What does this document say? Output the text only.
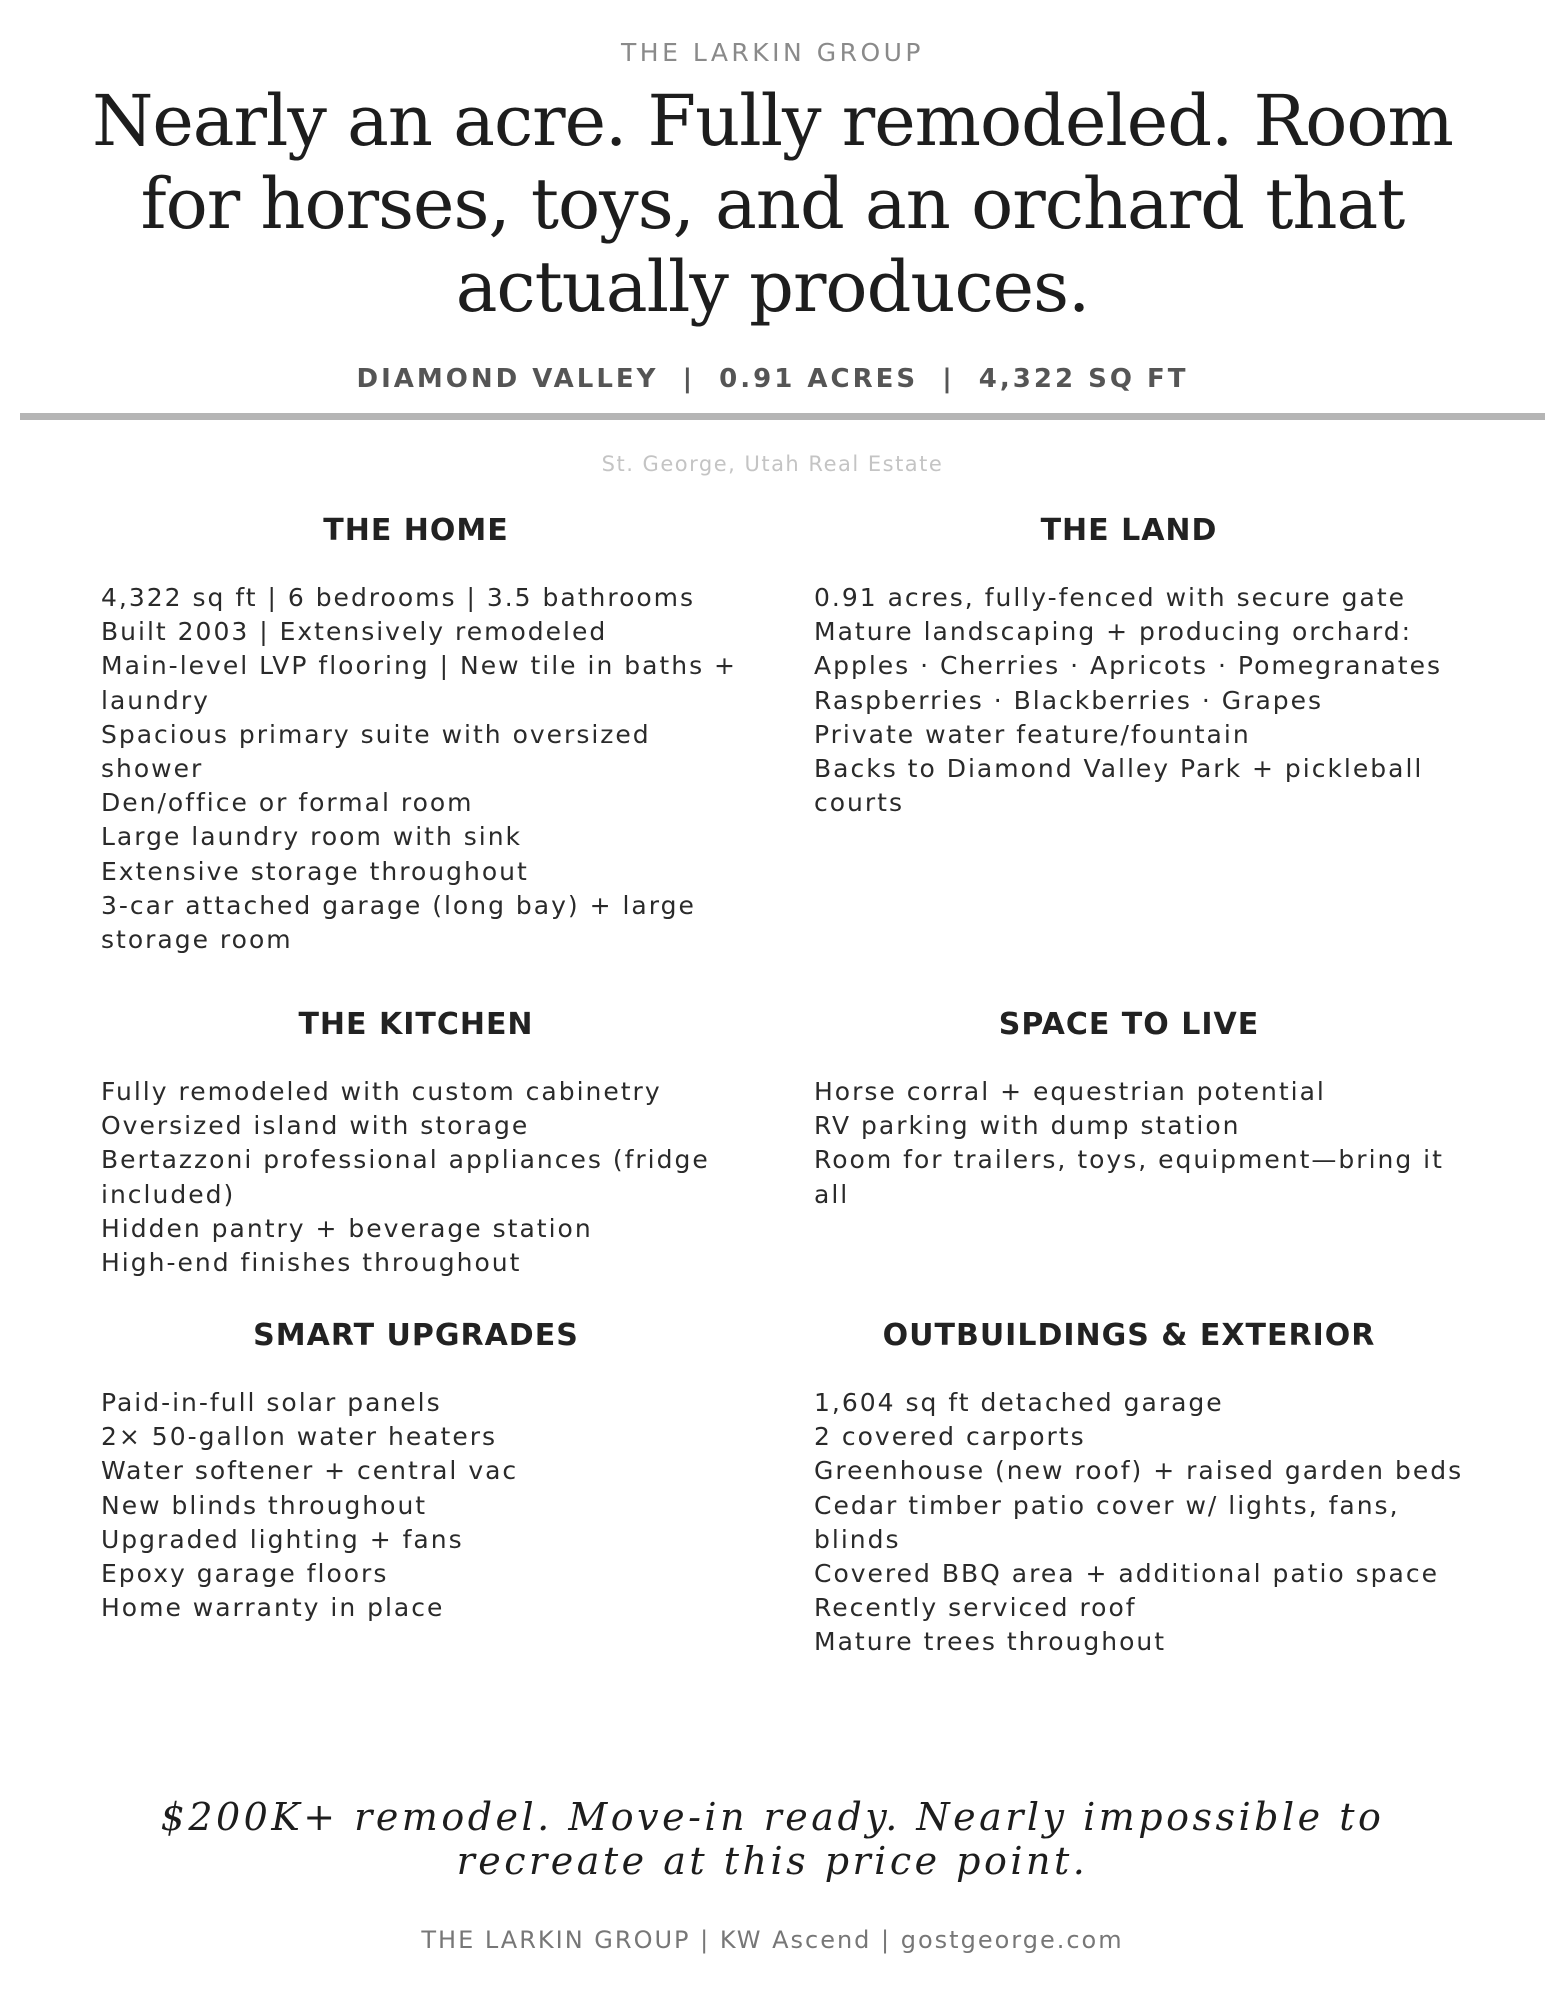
THE LARKIN GROUP
Nearly an acre. Fully remodeled. Room for horses, toys, and an orchard that actually produces.
DIAMOND VALLEY  |  0.91 ACRES  |  4,322 SQ FT
St. George, Utah Real Estate
THE HOME
4,322 sq ft | 6 bedrooms | 3.5 bathrooms
Built 2003 | Extensively remodeled
Main-level LVP flooring | New tile in baths + laundry
Spacious primary suite with oversized shower
Den/office or formal room
Large laundry room with sink
Extensive storage throughout
3-car attached garage (long bay) + large storage room
THE LAND
0.91 acres, fully-fenced with secure gate
Mature landscaping + producing orchard:
Apples · Cherries · Apricots · Pomegranates
Raspberries · Blackberries · Grapes
Private water feature/fountain
Backs to Diamond Valley Park + pickleball courts
THE KITCHEN
Fully remodeled with custom cabinetry
Oversized island with storage
Bertazzoni professional appliances (fridge included)
Hidden pantry + beverage station
High-end finishes throughout
SPACE TO LIVE
Horse corral + equestrian potential
RV parking with dump station
Room for trailers, toys, equipment—bring it all
SMART UPGRADES
Paid-in-full solar panels
2× 50-gallon water heaters
Water softener + central vac
New blinds throughout
Upgraded lighting + fans
Epoxy garage floors
Home warranty in place
OUTBUILDINGS & EXTERIOR
1,604 sq ft detached garage
2 covered carports
Greenhouse (new roof) + raised garden beds
Cedar timber patio cover w/ lights, fans, blinds
Covered BBQ area + additional patio space
Recently serviced roof
Mature trees throughout

$200K+ remodel. Move-in ready. Nearly impossible to recreate at this price point.

THE LARKIN GROUP | KW Ascend | gostgeorge.com
